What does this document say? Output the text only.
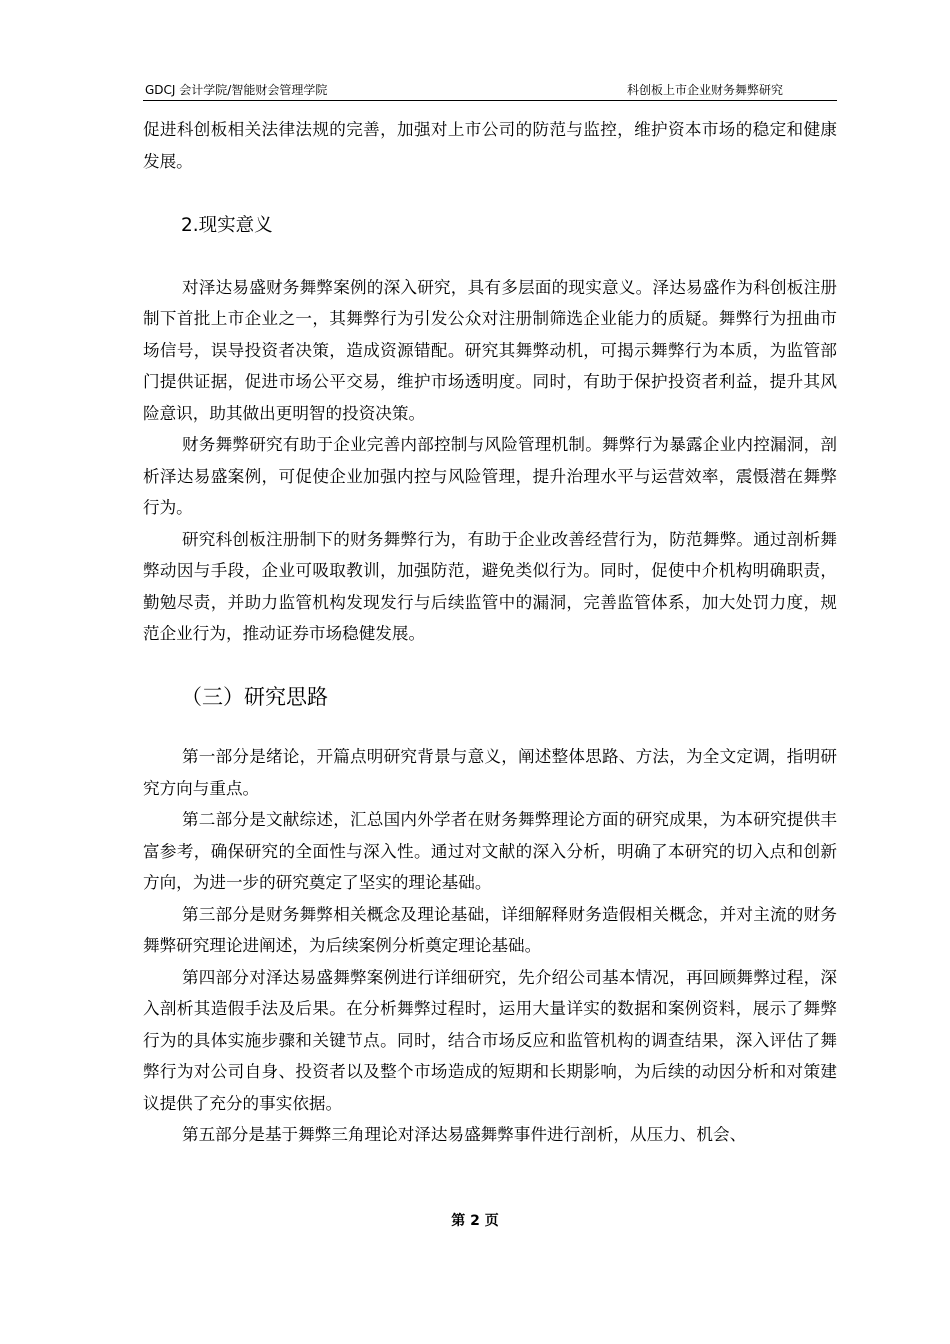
GDCJ 会计学院/智能财会管理学院	科创板上市企业财务舞弊研究

促进科创板相关法律法规的完善，加强对上市公司的防范与监控，维护资本市场的稳定和健康发展。

2.现实意义

对泽达易盛财务舞弊案例的深入研究，具有多层面的现实意义。泽达易盛作为科创板注册制下首批上市企业之一，其舞弊行为引发公众对注册制筛选企业能力的质疑。舞弊行为扭曲市场信号，误导投资者决策，造成资源错配。研究其舞弊动机，可揭示舞弊行为本质，为监管部门提供证据，促进市场公平交易，维护市场透明度。同时，有助于保护投资者利益，提升其风险意识，助其做出更明智的投资决策。

财务舞弊研究有助于企业完善内部控制与风险管理机制。舞弊行为暴露企业内控漏洞，剖析泽达易盛案例，可促使企业加强内控与风险管理，提升治理水平与运营效率，震慑潜在舞弊行为。

研究科创板注册制下的财务舞弊行为，有助于企业改善经营行为，防范舞弊。通过剖析舞弊动因与手段，企业可吸取教训，加强防范，避免类似行为。同时，促使中介机构明确职责，勤勉尽责，并助力监管机构发现发行与后续监管中的漏洞，完善监管体系，加大处罚力度，规范企业行为，推动证券市场稳健发展。

（三）研究思路

第一部分是绪论，开篇点明研究背景与意义，阐述整体思路、方法，为全文定调，指明研究方向与重点。

第二部分是文献综述，汇总国内外学者在财务舞弊理论方面的研究成果，为本研究提供丰富参考，确保研究的全面性与深入性。通过对文献的深入分析，明确了本研究的切入点和创新方向，为进一步的研究奠定了坚实的理论基础。

第三部分是财务舞弊相关概念及理论基础，详细解释财务造假相关概念，并对主流的财务舞弊研究理论进阐述，为后续案例分析奠定理论基础。

第四部分对泽达易盛舞弊案例进行详细研究，先介绍公司基本情况，再回顾舞弊过程，深入剖析其造假手法及后果。在分析舞弊过程时，运用大量详实的数据和案例资料，展示了舞弊行为的具体实施步骤和关键节点。同时，结合市场反应和监管机构的调查结果，深入评估了舞弊行为对公司自身、投资者以及整个市场造成的短期和长期影响，为后续的动因分析和对策建议提供了充分的事实依据。

第五部分是基于舞弊三角理论对泽达易盛舞弊事件进行剖析，从压力、机会、

第 2 页
